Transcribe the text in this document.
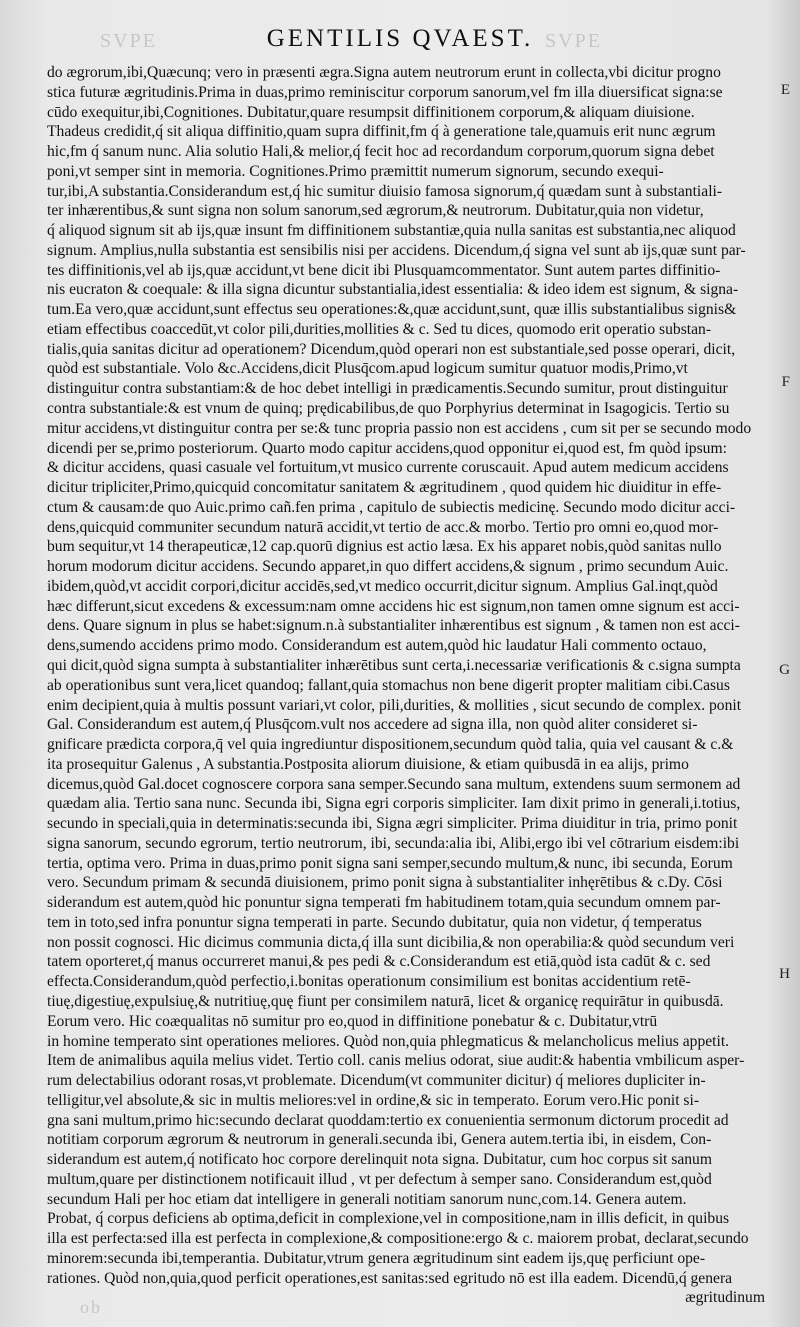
SVPE	SVPE
GENTILIS QVAEST.
E
F
G
H
do ægrorum,ibi,Quæcunq; vero in præsenti ægra.Signa autem neutrorum erunt in collecta,vbi dicitur progno
stica futuræ ægritudinis.Prima in duas,primo reminiscitur corporum sanorum,vel fm illa diuersificat signa:se
cūdo exequitur,ibi,Cognitiones. Dubitatur,quare resumpsit diffinitionem corporum,& aliquam diuisione.
Thadeus credidit,q́ sit aliqua diffinitio,quam supra diffinit,fm q́ à generatione tale,quamuis erit nunc ægrum
hic,fm q́ sanum nunc. Alia solutio Hali,& melior,q́ fecit hoc ad recordandum corporum,quorum signa debet
poni,vt semper sint in memoria. Cognitiones.Primo præmittit numerum signorum, secundo exequi-
tur,ibi,A substantia.Considerandum est,q́ hic sumitur diuisio famosa signorum,q́ quædam sunt à substantiali-
ter inhærentibus,& sunt signa non solum sanorum,sed ægrorum,& neutrorum. Dubitatur,quia non videtur,
q́ aliquod signum sit ab ijs,quæ insunt fm diffinitionem substantiæ,quia nulla sanitas est substantia,nec aliquod
signum. Amplius,nulla substantia est sensibilis nisi per accidens. Dicendum,q́ signa vel sunt ab ijs,quæ sunt par-
tes diffinitionis,vel ab ijs,quæ accidunt,vt bene dicit ibi Plusquamcommentator. Sunt autem partes diffinitio-
nis eucraton & coequale: & illa signa dicuntur substantialia,idest essentialia: & ideo idem est signum, & signa-
tum.Ea vero,quæ accidunt,sunt effectus seu operationes:&,quæ accidunt,sunt, quæ illis substantialibus signis&
etiam effectibus coaccedūt,vt color pili,durities,mollities & c. Sed tu dices, quomodo erit operatio substan-
tialis,quia sanitas dicitur ad operationem? Dicendum,quòd operari non est substantiale,sed posse operari, dicit,
quòd est substantiale. Volo &c.Accidens,dicit Plusq̄com.apud logicum sumitur quatuor modis,Primo,vt
distinguitur contra substantiam:& de hoc debet intelligi in prædicamentis.Secundo sumitur, prout distinguitur
contra substantiale:& est vnum de quinq; prędicabilibus,de quo Porphyrius determinat in Isagogicis. Tertio su
mitur accidens,vt distinguitur contra per se:& tunc propria passio non est accidens , cum sit per se secundo modo
dicendi per se,primo posteriorum. Quarto modo capitur accidens,quod opponitur ei,quod est, fm quòd ipsum:
& dicitur accidens, quasi casuale vel fortuitum,vt musico currente coruscauit. Apud autem medicum accidens
dicitur tripliciter,Primo,quicquid concomitatur sanitatem & ægritudinem , quod quidem hic diuiditur in effe-
ctum & causam:de quo Auic.primo cañ.fen prima , capitulo de subiectis medicinę. Secundo modo dicitur acci-
dens,quicquid communiter secundum naturā accidit,vt tertio de acc.& morbo. Tertio pro omni eo,quod mor-
bum sequitur,vt 14 therapeuticæ,12 cap.quorū dignius est actio læsa. Ex his apparet nobis,quòd sanitas nullo
horum modorum dicitur accidens. Secundo apparet,in quo differt accidens,& signum , primo secundum Auic.
ibidem,quòd,vt accidit corpori,dicitur accidēs,sed,vt medico occurrit,dicitur signum. Amplius Gal.inqt,quòd
hæc differunt,sicut excedens & excessum:nam omne accidens hic est signum,non tamen omne signum est acci-
dens. Quare signum in plus se habet:signum.n.à substantialiter inhærentibus est signum , & tamen non est acci-
dens,sumendo accidens primo modo. Considerandum est autem,quòd hic laudatur Hali commento octauo,
qui dicit,quòd signa sumpta à substantialiter inhærētibus sunt certa,i.necessariæ verificationis & c.signa sumpta
ab operationibus sunt vera,licet quandoq; fallant,quia stomachus non bene digerit propter malitiam cibi.Casus
enim decipient,quia à multis possunt variari,vt color, pili,durities, & mollities , sicut secundo de complex. ponit
Gal. Considerandum est autem,q́ Plusq̄com.vult nos accedere ad signa illa, non quòd aliter consideret si-
gnificare prædicta corpora,q̄ vel quia ingrediuntur dispositionem,secundum quòd talia, quia vel causant & c.&
ita prosequitur Galenus , A substantia.Postposita aliorum diuisione, & etiam quibusdā in ea alijs, primo
dicemus,quòd Gal.docet cognoscere corpora sana semper.Secundo sana multum, extendens suum sermonem ad
quædam alia. Tertio sana nunc. Secunda ibi, Signa egri corporis simpliciter. Iam dixit primo in generali,i.totius,
secundo in speciali,quia in determinatis:secunda ibi, Signa ægri simpliciter. Prima diuiditur in tria, primo ponit
signa sanorum, secundo egrorum, tertio neutrorum, ibi, secunda:alia ibi, Alibi,ergo ibi vel cōtrarium eisdem:ibi
tertia, optima vero. Prima in duas,primo ponit signa sani semper,secundo multum,& nunc, ibi secunda, Eorum
vero. Secundum primam & secundā diuisionem, primo ponit signa à substantialiter inhęrētibus & c.Dy. Cōsi
siderandum est autem,quòd hic ponuntur signa temperati fm habitudinem totam,quia secundum omnem par-
tem in toto,sed infra ponuntur signa temperati in parte. Secundo dubitatur, quia non videtur, q́ temperatus
non possit cognosci. Hic dicimus communia dicta,q́ illa sunt dicibilia,& non operabilia:& quòd secundum veri
tatem oporteret,q́ manus occurreret manui,& pes pedi & c.Considerandum est etiā,quòd ista cadūt & c. sed
effecta.Considerandum,quòd perfectio,i.bonitas operationum consimilium est bonitas accidentium retē-
tiuę,digestiuę,expulsiuę,& nutritiuę,quę fiunt per consimilem naturā, licet & organicę requirātur in quibusdā.
Eorum vero. Hic coæqualitas nō sumitur pro eo,quod in diffinitione ponebatur & c. Dubitatur,vtrū
in homine temperato sint operationes meliores. Quòd non,quia phlegmaticus & melancholicus melius appetit.
Item de animalibus aquila melius videt. Tertio coll. canis melius odorat, siue audit:& habentia vmbilicum asper-
rum delectabilius odorant rosas,vt problemate. Dicendum(vt communiter dicitur) q́ meliores dupliciter in-
telligitur,vel absolute,& sic in multis meliores:vel in ordine,& sic in temperato. Eorum vero.Hic ponit si-
gna sani multum,primo hic:secundo declarat quoddam:tertio ex conuenientia sermonum dictorum procedit ad
notitiam corporum ægrorum & neutrorum in generali.secunda ibi, Genera autem.tertia ibi, in eisdem, Con-
siderandum est autem,q́ notificato hoc corpore derelinquit nota signa. Dubitatur, cum hoc corpus sit sanum
multum,quare per distinctionem notificauit illud , vt per defectum à semper sano. Considerandum est,quòd
secundum Hali per hoc etiam dat intelligere in generali notitiam sanorum nunc,com.14. Genera autem.
Probat, q́ corpus deficiens ab optima,deficit in complexione,vel in compositione,nam in illis deficit, in quibus
illa est perfecta:sed illa est perfecta in complexione,& compositione:ergo & c. maiorem probat, declarat,secundo
minorem:secunda ibi,temperantia. Dubitatur,vtrum genera ægritudinum sint eadem ijs,quę perficiunt ope-
rationes. Quòd non,quia,quod perficit operationes,est sanitas:sed egritudo nō est illa eadem. Dicendū,q́ genera
ægritudinum
ob
